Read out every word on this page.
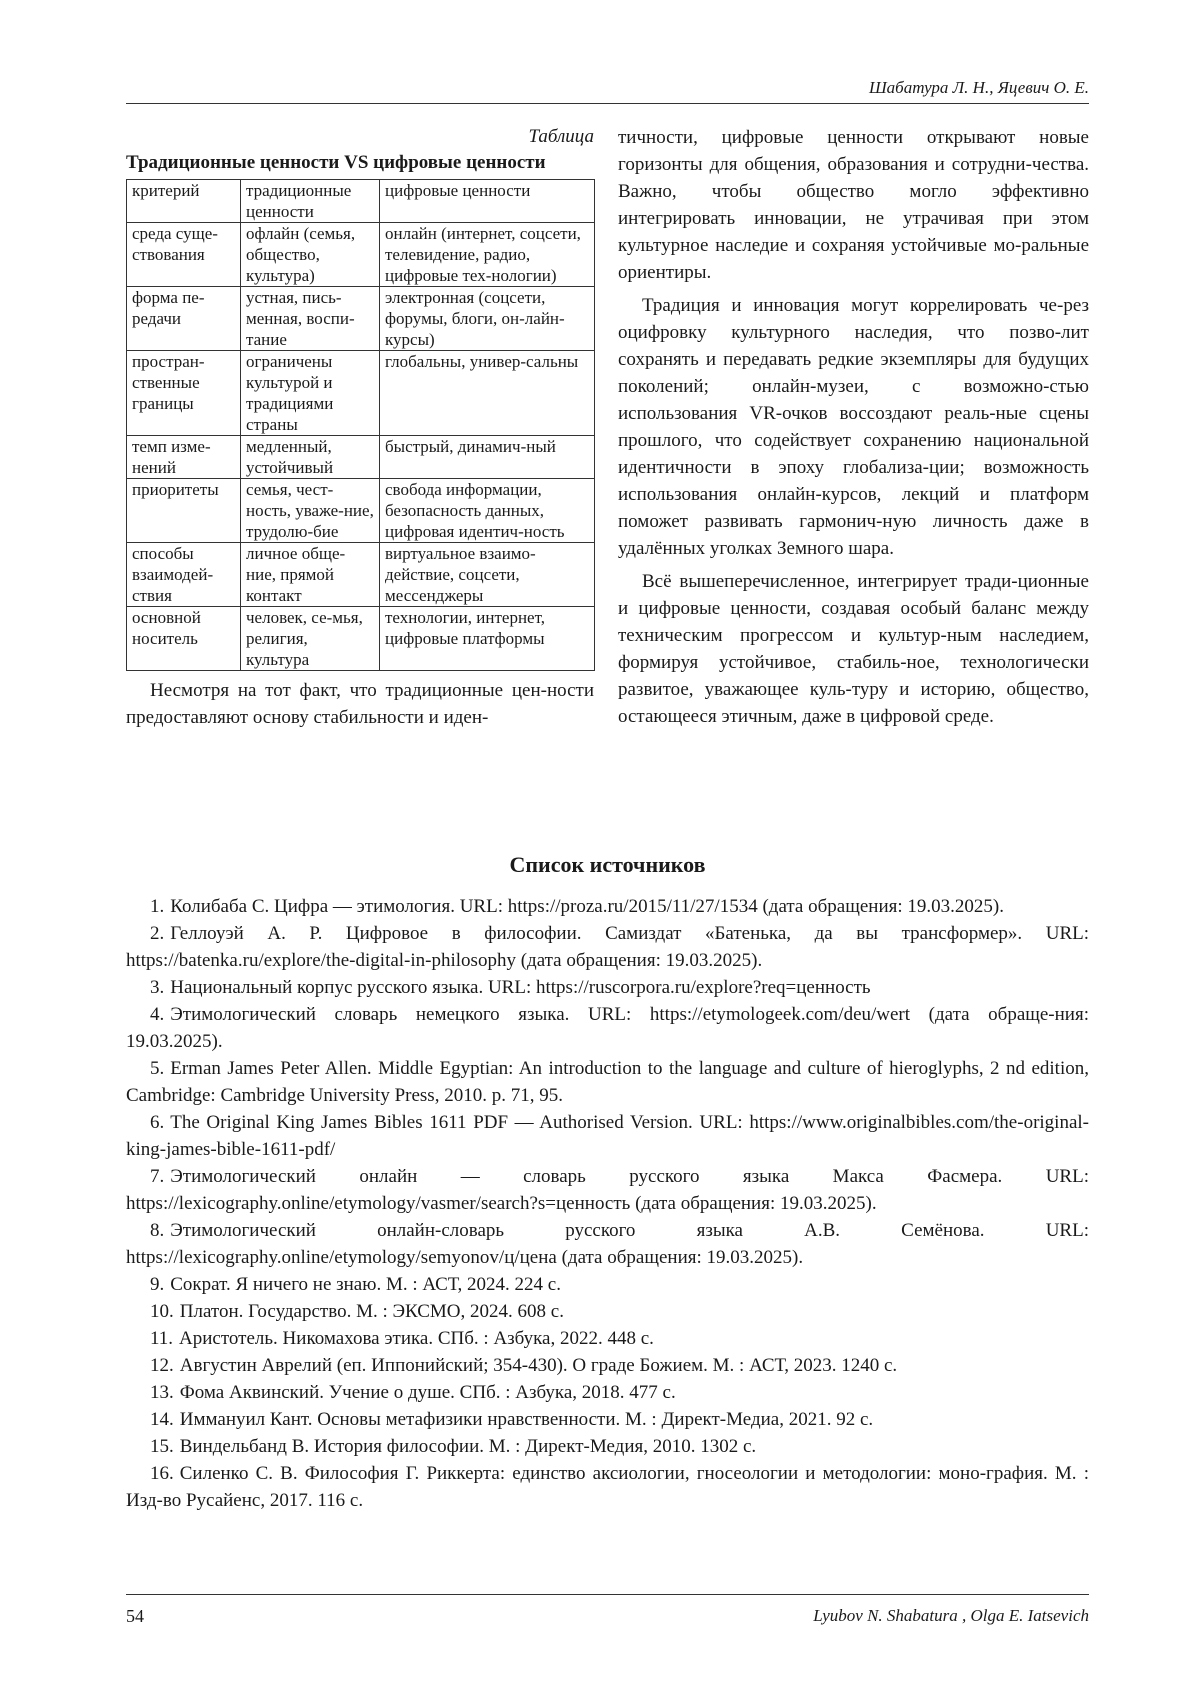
Шабатура Л. Н., Яцевич О. Е.
Таблица
Традиционные ценности VS цифровые ценности
критерий	традиционные ценности	цифровые ценности
среда суще-ствования	офлайн (семья, общество, культура)	онлайн (интернет, соцсети, телевидение, радио, цифровые тех-нологии)
форма пе-редачи	устная, пись-менная, воспи-тание	электронная (соцсети, форумы, блоги, он-лайн-курсы)
простран-ственные границы	ограничены культурой и традициями страны	глобальны, универ-сальны
темп изме-нений	медленный, устойчивый	быстрый, динамич-ный
приоритеты	семья, чест-ность, уваже-ние, трудолю-бие	свобода информации, безопасность данных, цифровая идентич-ность
способы взаимодей-ствия	личное обще-ние, прямой контакт	виртуальное взаимо-действие, соцсети, мессенджеры
основной носитель	человек, се-мья, религия, культура	технологии, интернет, цифровые платформы

Несмотря на тот факт, что традиционные цен-ности предоставляют основу стабильности и иден-

тичности, цифровые ценности открывают новые горизонты для общения, образования и сотрудни-чества. Важно, чтобы общество могло эффективно интегрировать инновации, не утрачивая при этом культурное наследие и сохраняя устойчивые мо-ральные ориентиры.

Традиция и инновация могут коррелировать че-рез оцифровку культурного наследия, что позво-лит сохранять и передавать редкие экземпляры для будущих поколений; онлайн-музеи, с возможно-стью использования VR-очков воссоздают реаль-ные сцены прошлого, что содействует сохранению национальной идентичности в эпоху глобализа-ции; возможность использования онлайн-курсов, лекций и платформ поможет развивать гармонич-ную личность даже в удалённых уголках Земного шара.

Всё вышеперечисленное, интегрирует тради-ционные и цифровые ценности, создавая особый баланс между техническим прогрессом и культур-ным наследием, формируя устойчивое, стабиль-ное, технологически развитое, уважающее куль-туру и историю, общество, остающееся этичным, даже в цифровой среде.

Список источников
1. Колибаба С. Цифра — этимология. URL: https://proza.ru/2015/11/27/1534 (дата обращения: 19.03.2025).
2. Геллоуэй А. Р. Цифровое в философии. Самиздат «Батенька, да вы трансформер». URL: https://batenka.ru/explore/the-digital-in-philosophy (дата обращения: 19.03.2025).
3. Национальный корпус русского языка. URL: https://ruscorpora.ru/explore?req=ценность
4. Этимологический словарь немецкого языка. URL: https://etymologeek.com/deu/wert (дата обраще-ния: 19.03.2025).
5. Erman James Peter Allen. Middle Egyptian: An introduction to the language and culture of hieroglyphs, 2 nd edition, Cambridge: Cambridge University Press, 2010. p. 71, 95.
6. The Original King James Bibles 1611 PDF — Authorised Version. URL: https://www.originalbibles.com/the-original-king-james-bible-1611-pdf/
7. Этимологический онлайн — словарь русского языка Макса Фасмера. URL: https://lexicography.online/etymology/vasmer/search?s=ценность (дата обращения: 19.03.2025).
8. Этимологический онлайн-словарь русского языка А.В. Семёнова. URL: https://lexicography.online/etymology/semyonov/ц/цена (дата обращения: 19.03.2025).
9. Сократ. Я ничего не знаю. М. : АСТ, 2024. 224 с.
10. Платон. Государство. М. : ЭКСМО, 2024. 608 с.
11. Аристотель. Никомахова этика. СПб. : Азбука, 2022. 448 с.
12. Августин Аврелий (еп. Иппонийский; 354-430). О граде Божием. М. : АСТ, 2023. 1240 с.
13. Фома Аквинский. Учение о душе. СПб. : Азбука, 2018. 477 с.
14. Иммануил Кант. Основы метафизики нравственности. М. : Директ-Медиа, 2021. 92 с.
15. Виндельбанд В. История философии. М. : Директ-Медия, 2010. 1302 с.
16. Силенко С. В. Философия Г. Риккерта: единство аксиологии, гносеологии и методологии: моно-графия. М. : Изд-во Русайенс, 2017. 116 с.
54	Lyubov N. Shabatura , Olga E. Iatsevich
